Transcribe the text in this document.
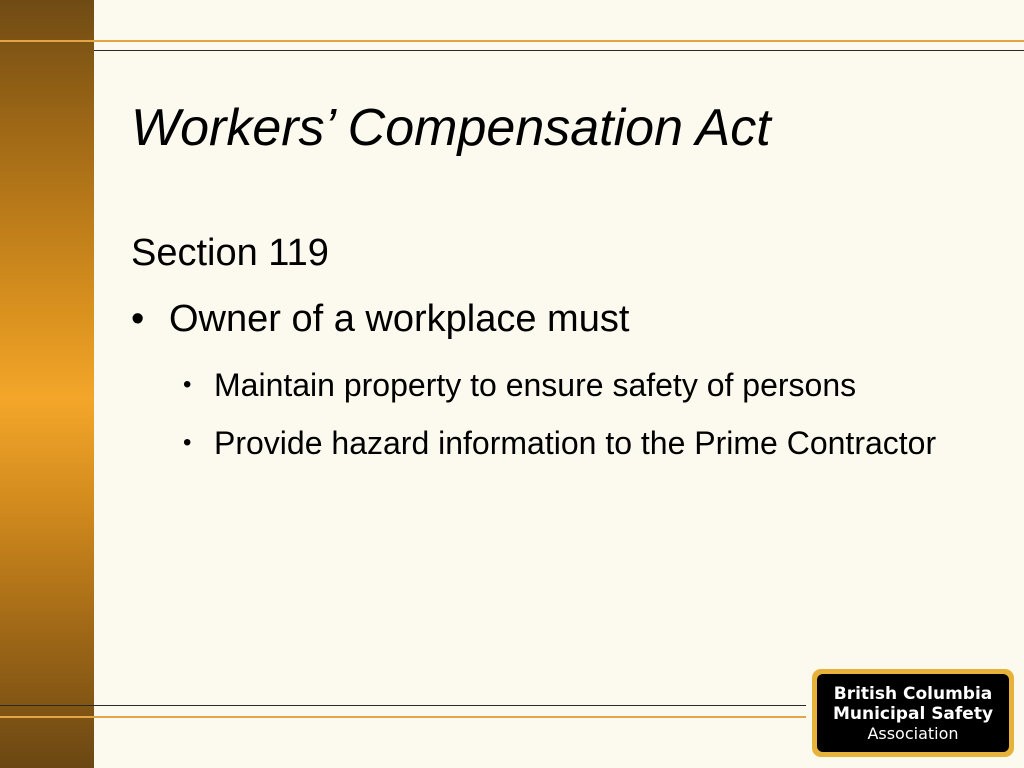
Workers’ Compensation Act
Section 119
• Owner of a workplace must
• Maintain property to ensure safety of persons
• Provide hazard information to the Prime Contractor
British Columbia
Municipal Safety
Association
